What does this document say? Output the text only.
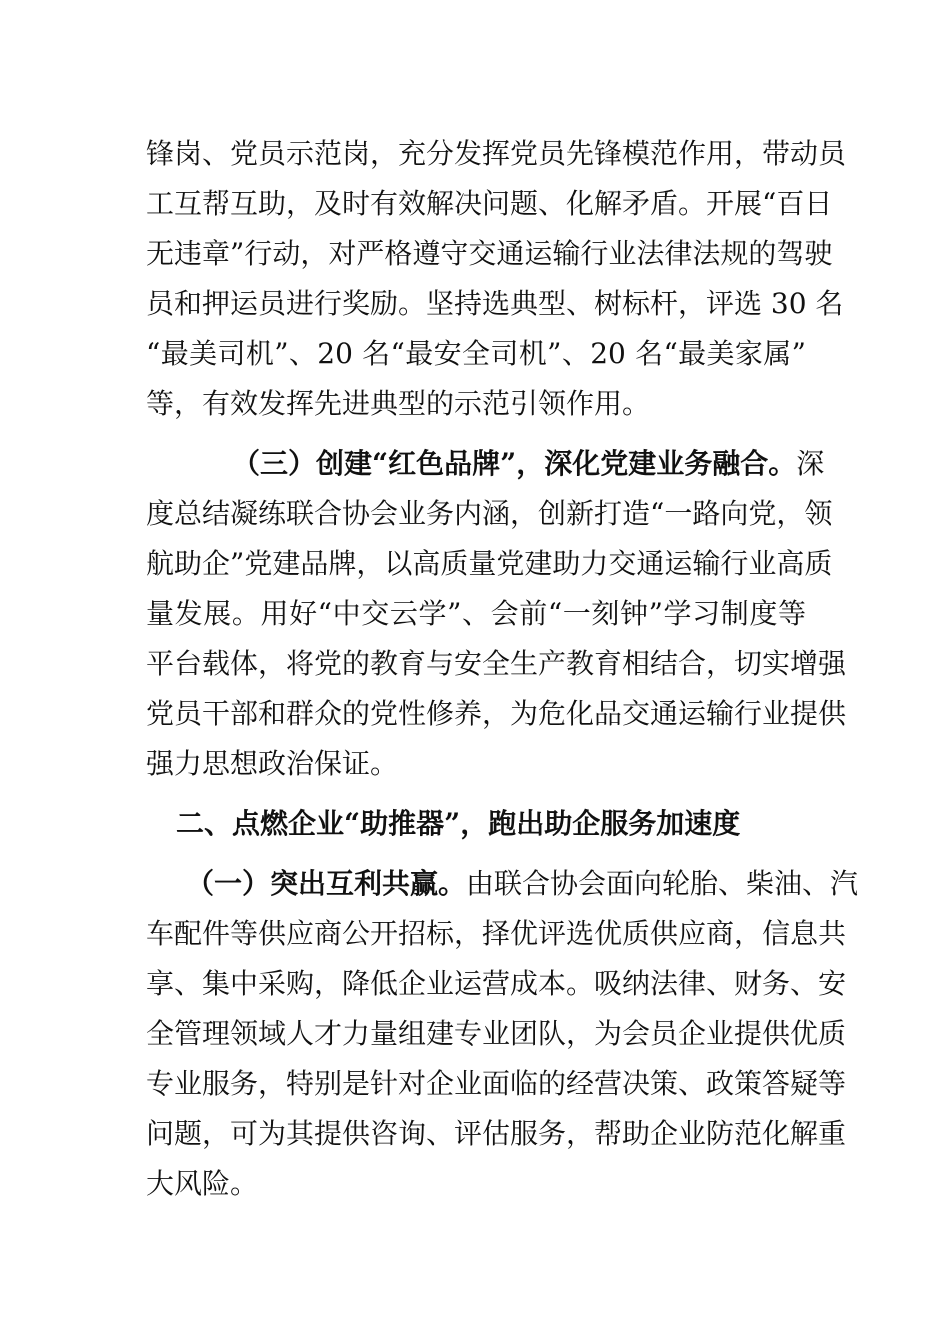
锋岗、党员示范岗，充分发挥党员先锋模范作用，带动员
工互帮互助，及时有效解决问题、化解矛盾。开展“百日
无违章”行动，对严格遵守交通运输行业法律法规的驾驶
员和押运员进行奖励。坚持选典型、树标杆，评选 30 名
“最美司机”、20 名“最安全司机”、20 名“最美家属”
等，有效发挥先进典型的示范引领作用。
（三）创建“红色品牌”，深化党建业务融合。深
度总结凝练联合协会业务内涵，创新打造“一路向党，领
航助企”党建品牌，以高质量党建助力交通运输行业高质
量发展。用好“中交云学”、会前“一刻钟”学习制度等
平台载体，将党的教育与安全生产教育相结合，切实增强
党员干部和群众的党性修养，为危化品交通运输行业提供
强力思想政治保证。
二、点燃企业“助推器”，跑出助企服务加速度
（一）突出互利共赢。由联合协会面向轮胎、柴油、汽
车配件等供应商公开招标，择优评选优质供应商，信息共
享、集中采购，降低企业运营成本。吸纳法律、财务、安
全管理领域人才力量组建专业团队，为会员企业提供优质
专业服务，特别是针对企业面临的经营决策、政策答疑等
问题，可为其提供咨询、评估服务，帮助企业防范化解重
大风险。
